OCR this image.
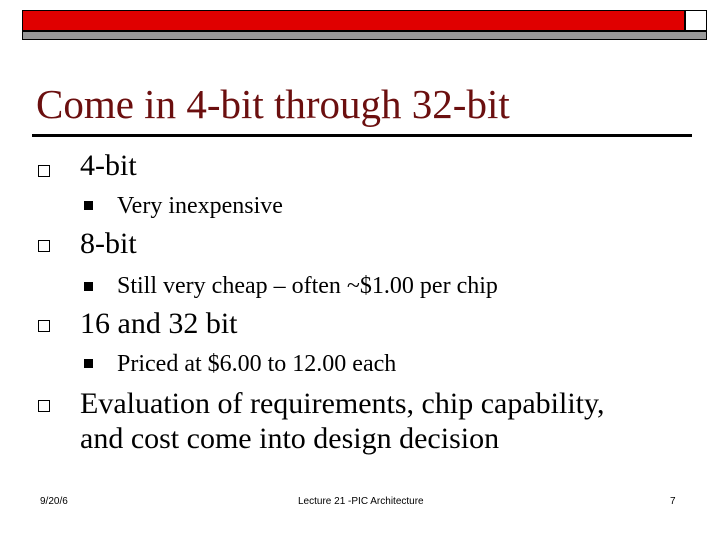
Come in 4-bit through 32-bit

4-bit

Very inexpensive

8-bit

Still very cheap – often ~$1.00 per chip

16 and 32 bit

Priced at $6.00 to 12.00 each

Evaluation of requirements, chip capability,

and cost come into design decision

9/20/6	Lecture 21 -PIC Architecture	7
